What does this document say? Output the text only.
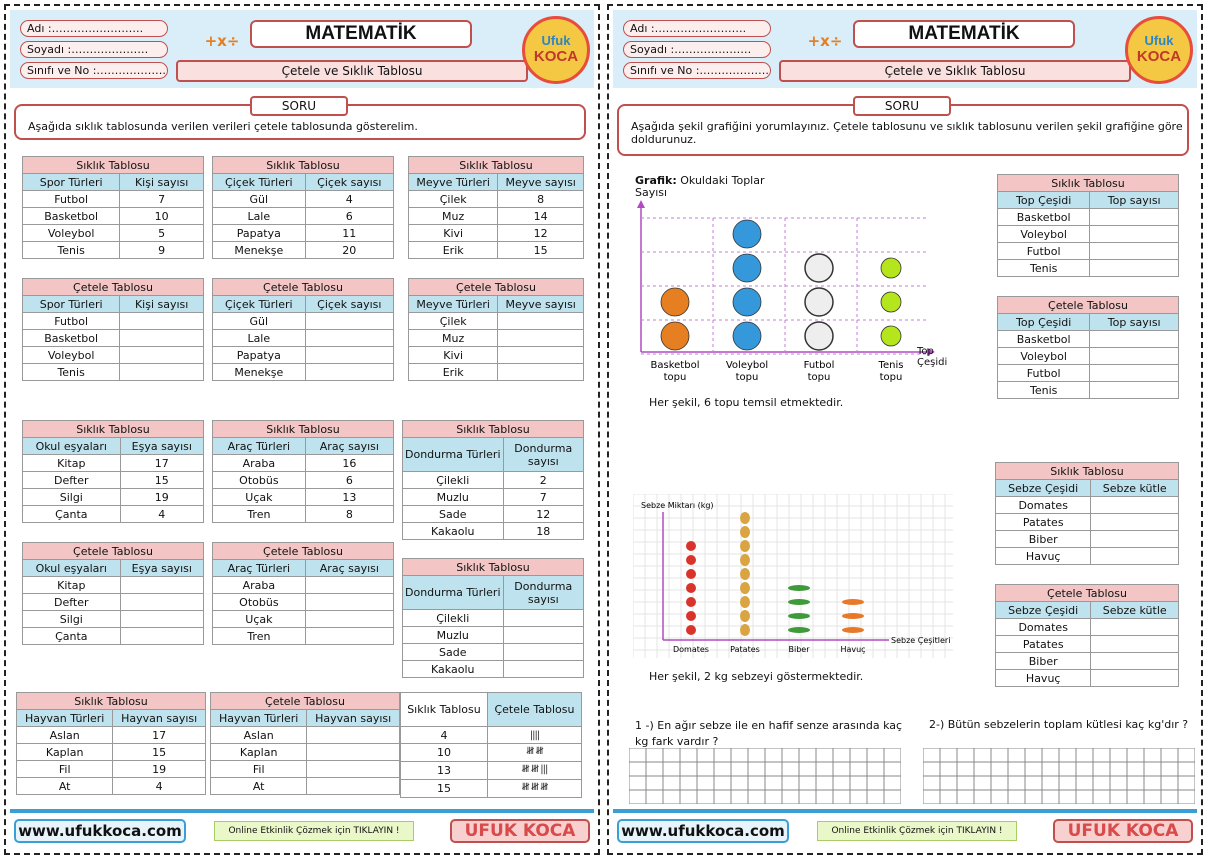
Adı :…………………….
Soyadı :…………………
Sınıfı ve No :……………….
+x÷	MATEMATİK
Çetele ve Sıklık Tablosu
Ufuk
KOCA
SORU
Aşağıda sıklık tablosunda verilen verileri çetele tablosunda gösterelim.
Sıklık Tablosu	
Spor Türleri	Kişi sayısı
Futbol	7
Basketbol	10
Voleybol	5
Tenis	9
Sıklık Tablosu	
Çiçek Türleri	Çiçek sayısı
Gül	4
Lale	6
Papatya	11
Menekşe	20
Sıklık Tablosu	
Meyve Türleri	Meyve sayısı
Çilek	8
Muz	14
Kivi	12
Erik	15
Çetele Tablosu	
Spor Türleri	Kişi sayısı
Futbol	
Basketbol	
Voleybol	
Tenis	
Çetele Tablosu	
Çiçek Türleri	Çiçek sayısı
Gül	
Lale	
Papatya	
Menekşe	
Çetele Tablosu	
Meyve Türleri	Meyve sayısı
Çilek	
Muz	
Kivi	
Erik	
Sıklık Tablosu	
Okul eşyaları	Eşya sayısı
Kitap	17
Defter	15
Silgi	19
Çanta	4
Sıklık Tablosu	
Araç Türleri	Araç sayısı
Araba	16
Otobüs	6
Uçak	13
Tren	8
Sıklık Tablosu	
Dondurma Türleri	Dondurma sayısı
Çilekli	2
Muzlu	7
Sade	12
Kakaolu	18
Çetele Tablosu	
Okul eşyaları	Eşya sayısı
Kitap	
Defter	
Silgi	
Çanta	
Çetele Tablosu	
Araç Türleri	Araç sayısı
Araba	
Otobüs	
Uçak	
Tren	
Sıklık Tablosu	
Dondurma Türleri	Dondurma sayısı
Çilekli	
Muzlu	
Sade	
Kakaolu	
Sıklık Tablosu	
Hayvan Türleri	Hayvan sayısı
Aslan	17
Kaplan	15
Fil	19
At	4
Çetele Tablosu	
Hayvan Türleri	Hayvan sayısı
Aslan	
Kaplan	
Fil	
At	
Sıklık Tablosu	Çetele Tablosu
4	||||
10	𝍸 𝍸
13	𝍸 𝍸 |||
15	𝍸 𝍸 𝍸
www.ufukkoca.com	Online Etkinlik Çözmek için TIKLAYIN !	UFUK KOCA
Adı :…………………….
Soyadı :…………………
Sınıfı ve No :……………….
+x÷	MATEMATİK
Çetele ve Sıklık Tablosu
Ufuk
KOCA
SORU
Aşağıda şekil grafiğini yorumlayınız. Çetele tablosunu ve sıklık tablosunu verilen şekil grafiğine göre doldurunuz.
Grafik: Okuldaki Toplar
Sayısı
Basketbol
topu
Voleybol
topu
Futbol
topu
Tenis
topu
Top Çeşidi
Her şekil, 6 topu temsil etmektedir.
Sebze Miktarı (kg)
Sebze Çeşitleri
Domates	Patates	Biber	Havuç
Her şekil, 2 kg sebzeyi göstermektedir.
Sıklık Tablosu	
Top Çeşidi	Top sayısı
Basketbol	
Voleybol	
Futbol	
Tenis	
Çetele Tablosu	
Top Çeşidi	Top sayısı
Basketbol	
Voleybol	
Futbol	
Tenis	
Sıklık Tablosu	
Sebze Çeşidi	Sebze kütle
Domates	
Patates	
Biber	
Havuç	
Çetele Tablosu	
Sebze Çeşidi	Sebze kütle
Domates	
Patates	
Biber	
Havuç	
1 -) En ağır sebze ile en hafif senze arasında kaç kg fark vardır ?
2-) Bütün sebzelerin toplam kütlesi kaç kg'dır ?
www.ufukkoca.com	Online Etkinlik Çözmek için TIKLAYIN !	UFUK KOCA
